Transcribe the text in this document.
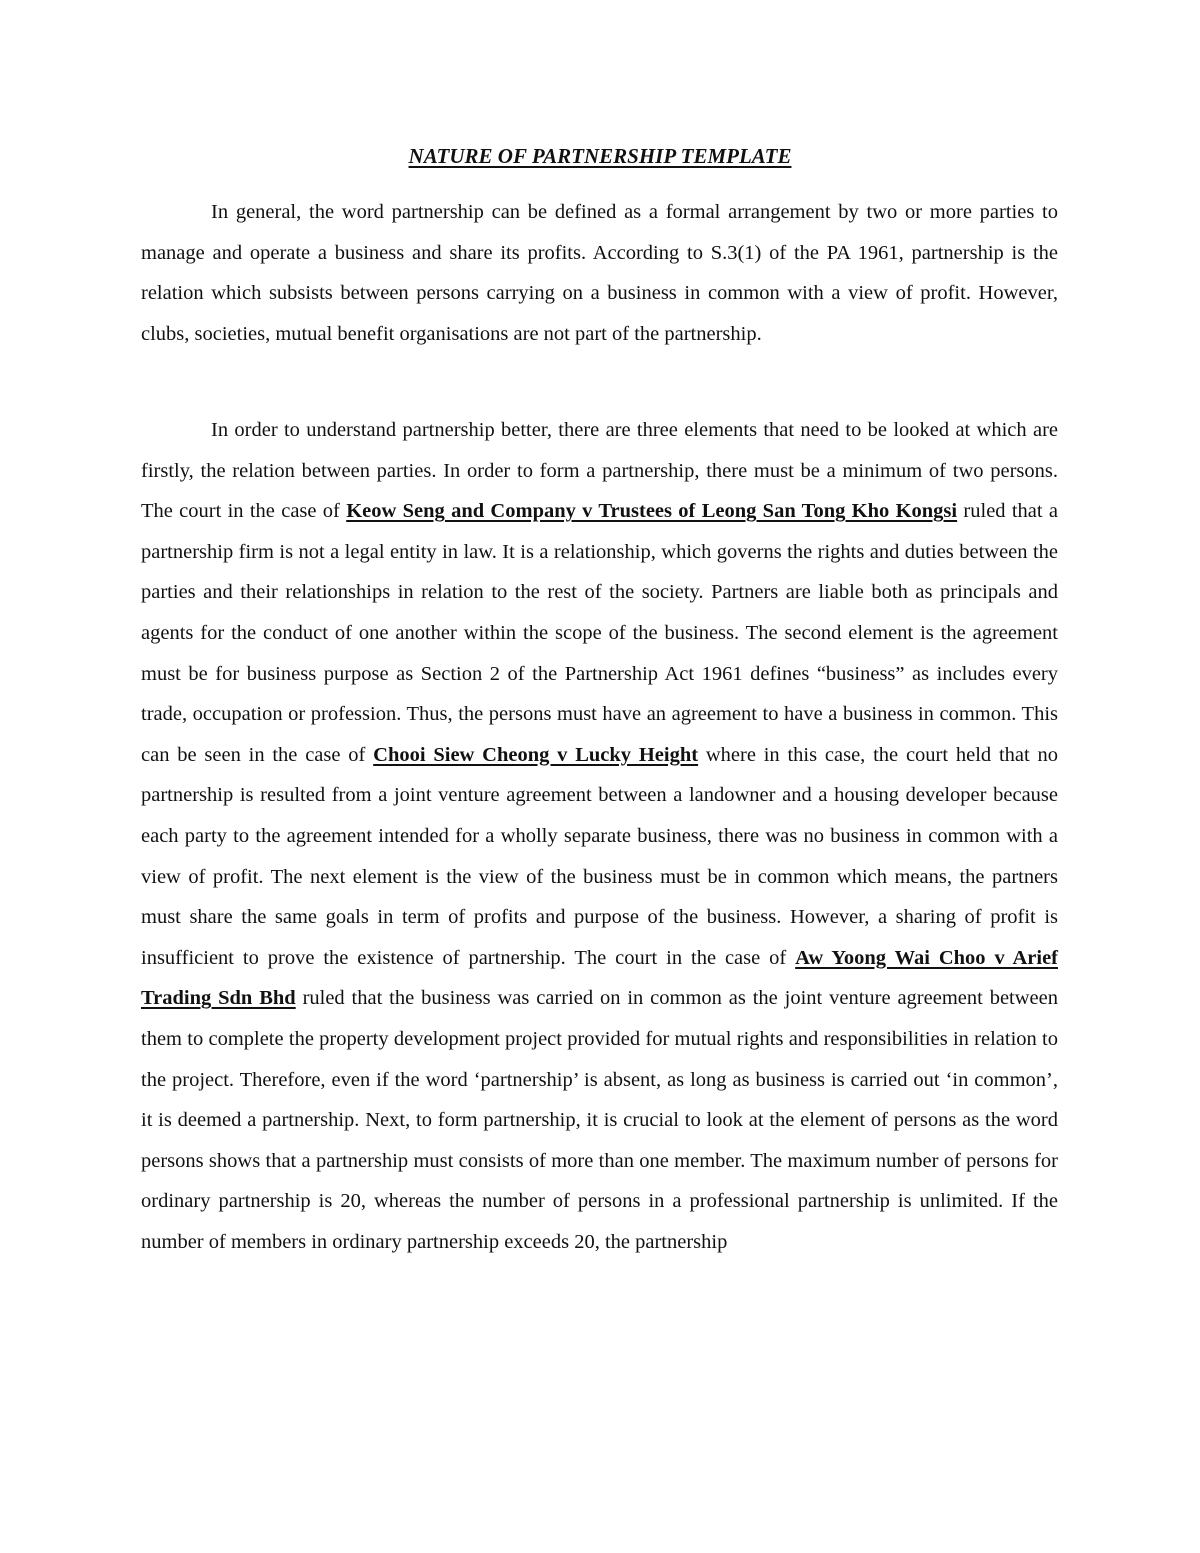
NATURE OF PARTNERSHIP TEMPLATE

In general, the word partnership can be defined as a formal arrangement by two or more parties to manage and operate a business and share its profits. According to S.3(1) of the PA 1961, partnership is the relation which subsists between persons carrying on a business in common with a view of profit. However, clubs, societies, mutual benefit organisations are not part of the partnership.

In order to understand partnership better, there are three elements that need to be looked at which are firstly, the relation between parties. In order to form a partnership, there must be a minimum of two persons. The court in the case of Keow Seng and Company v Trustees of Leong San Tong Kho Kongsi ruled that a partnership firm is not a legal entity in law. It is a relationship, which governs the rights and duties between the parties and their relationships in relation to the rest of the society. Partners are liable both as principals and agents for the conduct of one another within the scope of the business. The second element is the agreement must be for business purpose as Section 2 of the Partnership Act 1961 defines “business” as includes every trade, occupation or profession. Thus, the persons must have an agreement to have a business in common. This can be seen in the case of Chooi Siew Cheong v Lucky Height where in this case, the court held that no partnership is resulted from a joint venture agreement between a landowner and a housing developer because each party to the agreement intended for a wholly separate business, there was no business in common with a view of profit. The next element is the view of the business must be in common which means, the partners must share the same goals in term of profits and purpose of the business. However, a sharing of profit is insufficient to prove the existence of partnership. The court in the case of Aw Yoong Wai Choo v Arief Trading Sdn Bhd ruled that the business was carried on in common as the joint venture agreement between them to complete the property development project provided for mutual rights and responsibilities in relation to the project. Therefore, even if the word ‘partnership’ is absent, as long as business is carried out ‘in common’, it is deemed a partnership. Next, to form partnership, it is crucial to look at the element of persons as the word persons shows that a partnership must consists of more than one member. The maximum number of persons for ordinary partnership is 20, whereas the number of persons in a professional partnership is unlimited. If the number of members in ordinary partnership exceeds 20, the partnership
